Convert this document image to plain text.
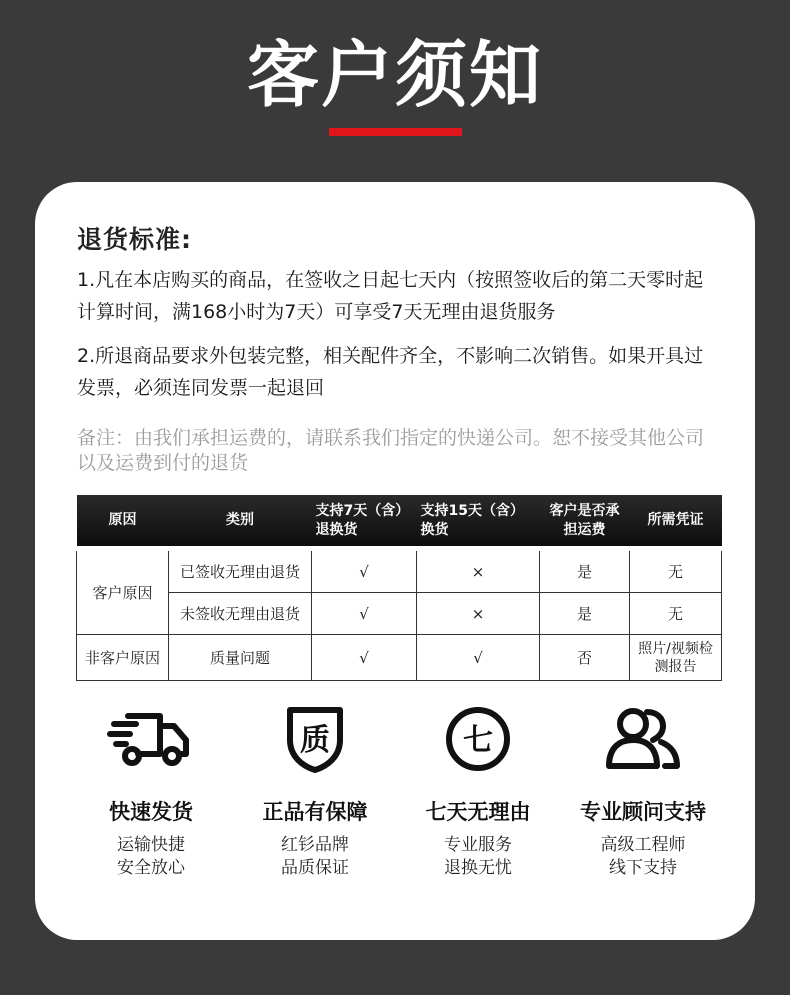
客户须知
退货标准:
1.凡在本店购买的商品，在签收之日起七天内（按照签收后的第二天零时起计算时间，满168小时为7天）可享受7天无理由退货服务
2.所退商品要求外包装完整，相关配件齐全，不影响二次销售。如果开具过发票，必须连同发票一起退回
备注：由我们承担运费的，请联系我们指定的快递公司。恕不接受其他公司以及运费到付的退货
原因	类别	支持7天（含）退换货	支持15天（含）换货	客户是否承担运费	所需凭证
客户原因	已签收无理由退货	√	×	是	无
	未签收无理由退货	√	×	是	无
非客户原因	质量问题	√	√	否	照片/视频检测报告
快速发货
运输快捷
安全放心
质
正品有保障
红钐品牌
品质保证
七
七天无理由
专业服务
退换无忧
专业顾问支持
高级工程师
线下支持
